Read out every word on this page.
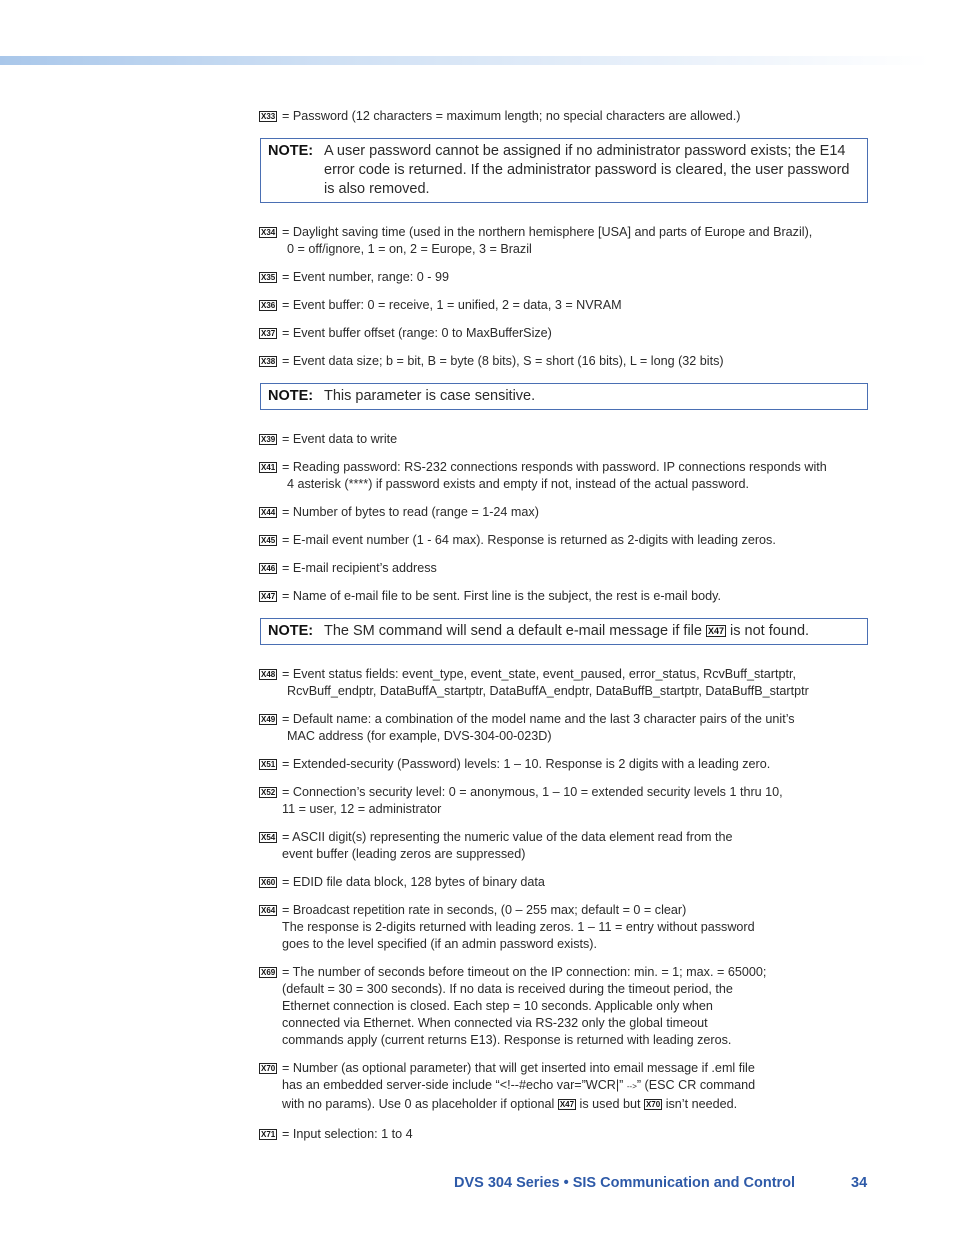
X33 = Password (12 characters = maximum length; no special characters are allowed.)
NOTE: A user password cannot be assigned if no administrator password exists; the E14 error code is returned. If the administrator password is cleared, the user password is also removed.
X34 = Daylight saving time (used in the northern hemisphere [USA] and parts of Europe and Brazil),
0 = off/ignore, 1 = on, 2 = Europe, 3 = Brazil
X35 = Event number, range: 0 - 99
X36 = Event buffer: 0 = receive, 1 = unified, 2 = data, 3 = NVRAM
X37 = Event buffer offset (range: 0 to MaxBufferSize)
X38 = Event data size; b = bit, B = byte (8 bits), S = short (16 bits), L = long (32 bits)
NOTE: This parameter is case sensitive.
X39 = Event data to write
X41 = Reading password: RS-232 connections responds with password. IP connections responds with
4 asterisk (****) if password exists and empty if not, instead of the actual password.
X44 = Number of bytes to read (range = 1-24 max)
X45 = E-mail event number (1 - 64 max). Response is returned as 2-digits with leading zeros.
X46 = E-mail recipient’s address
X47 = Name of e-mail file to be sent. First line is the subject, the rest is e-mail body.
NOTE: The SM command will send a default e-mail message if file X47 is not found.
X48 = Event status fields: event_type, event_state, event_paused, error_status, RcvBuff_startptr,
RcvBuff_endptr, DataBuffA_startptr, DataBuffA_endptr, DataBuffB_startptr, DataBuffB_startptr
X49 = Default name: a combination of the model name and the last 3 character pairs of the unit’s
MAC address (for example, DVS-304-00-023D)
X51 = Extended-security (Password) levels: 1 – 10. Response is 2 digits with a leading zero.
X52 = Connection’s security level: 0 = anonymous, 1 – 10 = extended security levels 1 thru 10,
11 = user, 12 = administrator
X54 = ASCII digit(s) representing the numeric value of the data element read from the
event buffer (leading zeros are suppressed)
X60 = EDID file data block, 128 bytes of binary data
X64 = Broadcast repetition rate in seconds, (0 – 255 max; default = 0 = clear)
The response is 2-digits returned with leading zeros. 1 – 11 = entry without password
goes to the level specified (if an admin password exists).
X69 = The number of seconds before timeout on the IP connection: min. = 1; max. = 65000;
(default = 30 = 300 seconds). If no data is received during the timeout period, the
Ethernet connection is closed. Each step = 10 seconds. Applicable only when
connected via Ethernet. When connected via RS-232 only the global timeout
commands apply (current returns E13). Response is returned with leading zeros.
X70 = Number (as optional parameter) that will get inserted into email message if .eml file
has an embedded server-side include “<!--#echo var=”WCR|” -->” (ESC CR command
with no params). Use 0 as placeholder if optional X47 is used but X70 isn’t needed.
X71 = Input selection: 1 to 4
DVS 304 Series • SIS Communication and Control	34
